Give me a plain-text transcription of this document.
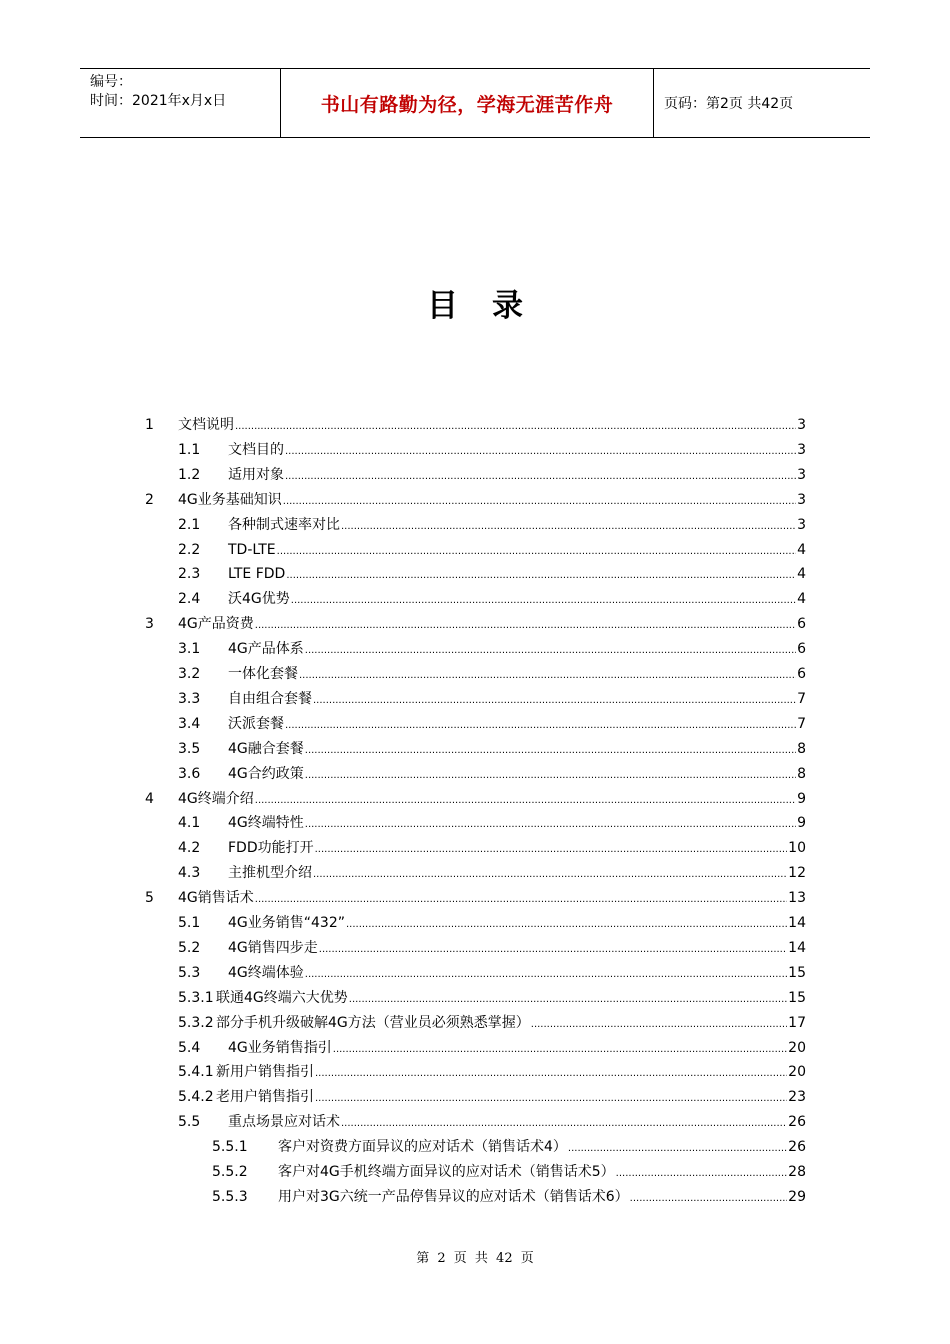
编号：
时间：2021年x月x日	书山有路勤为径，学海无涯苦作舟	页码：第2页 共42页
目录
1 文档说明 .....	3
1.1 文档目的 .....	3
1.2 适用对象 .....	3
2 4G业务基础知识 .....	3
2.1 各种制式速率对比 .....	3
2.2 TD-LTE .....	4
2.3 LTE FDD .....	4
2.4 沃4G优势 .....	4
3 4G产品资费 .....	6
3.1 4G产品体系 .....	6
3.2 一体化套餐 .....	6
3.3 自由组合套餐 .....	7
3.4 沃派套餐 .....	7
3.5 4G融合套餐 .....	8
3.6 4G合约政策 .....	8
4 4G终端介绍 .....	9
4.1 4G终端特性 .....	9
4.2 FDD功能打开 .....	10
4.3 主推机型介绍 .....	12
5 4G销售话术 .....	13
5.1 4G业务销售“432” .....	14
5.2 4G销售四步走 .....	14
5.3 4G终端体验 .....	15
5.3.1 联通4G终端六大优势 .....	15
5.3.2 部分手机升级破解4G方法（营业员必须熟悉掌握） .....	17
5.4 4G业务销售指引 .....	20
5.4.1 新用户销售指引 .....	20
5.4.2 老用户销售指引 .....	23
5.5 重点场景应对话术 .....	26
5.5.1 客户对资费方面异议的应对话术（销售话术4） .....	26
5.5.2 客户对4G手机终端方面异议的应对话术（销售话术5） .....	28
5.5.3 用户对3G六统一产品停售异议的应对话术（销售话术6） .....	29
第 2 页 共 42 页
